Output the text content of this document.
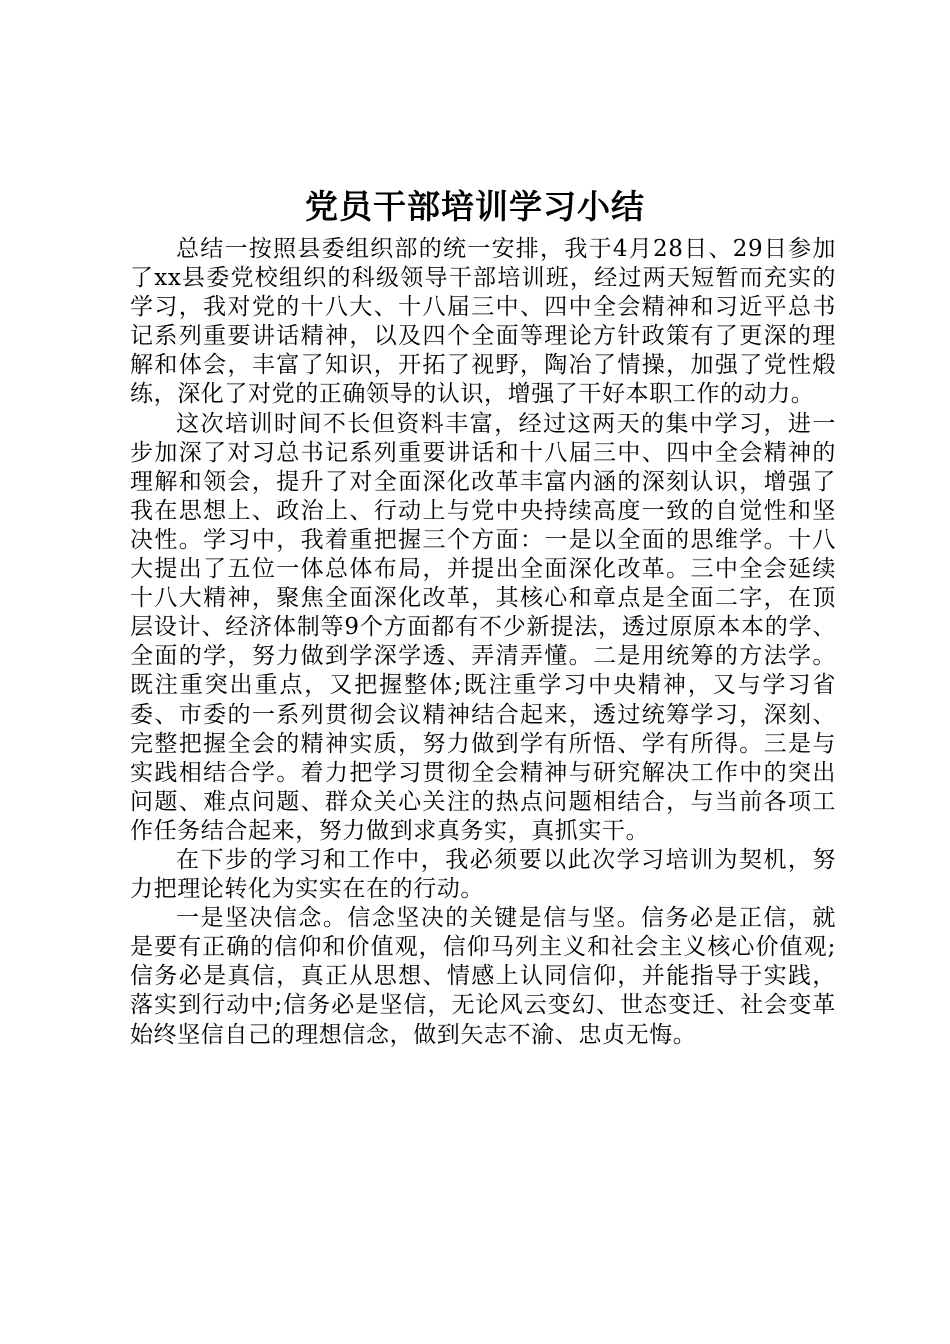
党员干部培训学习小结

总结一按照县委组织部的统一安排，我于4月28日、29日参加了xx县委党校组织的科级领导干部培训班，经过两天短暂而充实的学习，我对党的十八大、十八届三中、四中全会精神和习近平总书记系列重要讲话精神，以及四个全面等理论方针政策有了更深的理解和体会，丰富了知识，开拓了视野，陶冶了情操，加强了党性煅练，深化了对党的正确领导的认识，增强了干好本职工作的动力。

这次培训时间不长但资料丰富，经过这两天的集中学习，进一步加深了对习总书记系列重要讲话和十八届三中、四中全会精神的理解和领会，提升了对全面深化改革丰富内涵的深刻认识，增强了我在思想上、政治上、行动上与党中央持续高度一致的自觉性和坚决性。学习中，我着重把握三个方面：一是以全面的思维学。十八大提出了五位一体总体布局，并提出全面深化改革。三中全会延续十八大精神，聚焦全面深化改革，其核心和章点是全面二字，在顶层设计、经济体制等9个方面都有不少新提法，透过原原本本的学、全面的学，努力做到学深学透、弄清弄懂。二是用统筹的方法学。既注重突出重点，又把握整体;既注重学习中央精神，又与学习省委、市委的一系列贯彻会议精神结合起来，透过统筹学习，深刻、完整把握全会的精神实质，努力做到学有所悟、学有所得。三是与实践相结合学。着力把学习贯彻全会精神与研究解决工作中的突出问题、难点问题、群众关心关注的热点问题相结合，与当前各项工作任务结合起来，努力做到求真务实，真抓实干。

在下步的学习和工作中，我必须要以此次学习培训为契机，努力把理论转化为实实在在的行动。

一是坚决信念。信念坚决的关键是信与坚。信务必是正信，就是要有正确的信仰和价值观，信仰马列主义和社会主义核心价值观;信务必是真信，真正从思想、情感上认同信仰，并能指导于实践，落实到行动中;信务必是坚信，无论风云变幻、世态变迁、社会变革始终坚信自己的理想信念，做到矢志不渝、忠贞无悔。
